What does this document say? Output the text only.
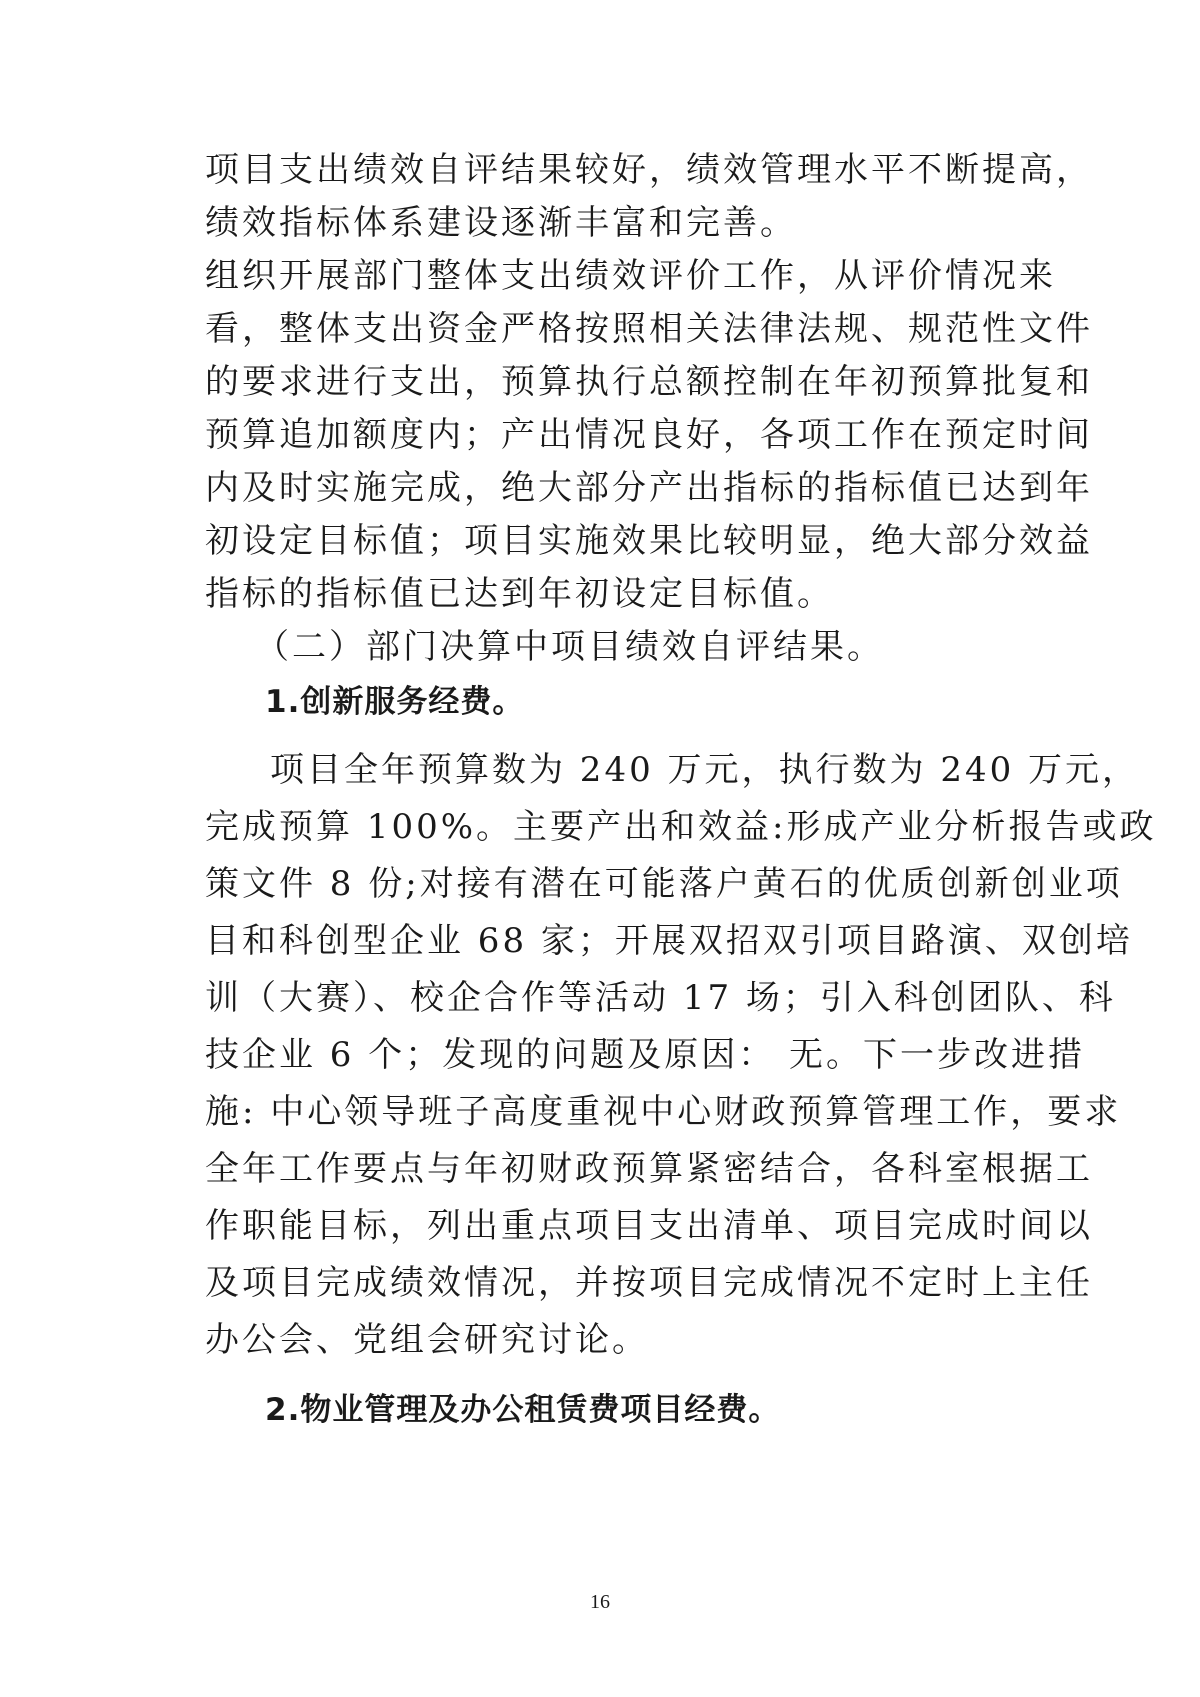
项目支出绩效自评结果较好，绩效管理水平不断提高，

绩效指标体系建设逐渐丰富和完善。

组织开展部门整体支出绩效评价工作，从评价情况来

看，整体支出资金严格按照相关法律法规、规范性文件

的要求进行支出，预算执行总额控制在年初预算批复和

预算追加额度内；产出情况良好，各项工作在预定时间

内及时实施完成，绝大部分产出指标的指标值已达到年

初设定目标值；项目实施效果比较明显，绝大部分效益

指标的指标值已达到年初设定目标值。

（二）部门决算中项目绩效自评结果。

1.创新服务经费。

项目全年预算数为 240 万元，执行数为 240 万元，

完成预算 100%。主要产出和效益:形成产业分析报告或政

策文件 8 份;对接有潜在可能落户黄石的优质创新创业项

目和科创型企业 68 家；开展双招双引项目路演、双创培

训（大赛）、校企合作等活动 17 场；引入科创团队、科

技企业 6 个；发现的问题及原因： 无。下一步改进措

施: 中心领导班子高度重视中心财政预算管理工作，要求

全年工作要点与年初财政预算紧密结合，各科室根据工

作职能目标，列出重点项目支出清单、项目完成时间以

及项目完成绩效情况，并按项目完成情况不定时上主任

办公会、党组会研究讨论。

2.物业管理及办公租赁费项目经费。

16
